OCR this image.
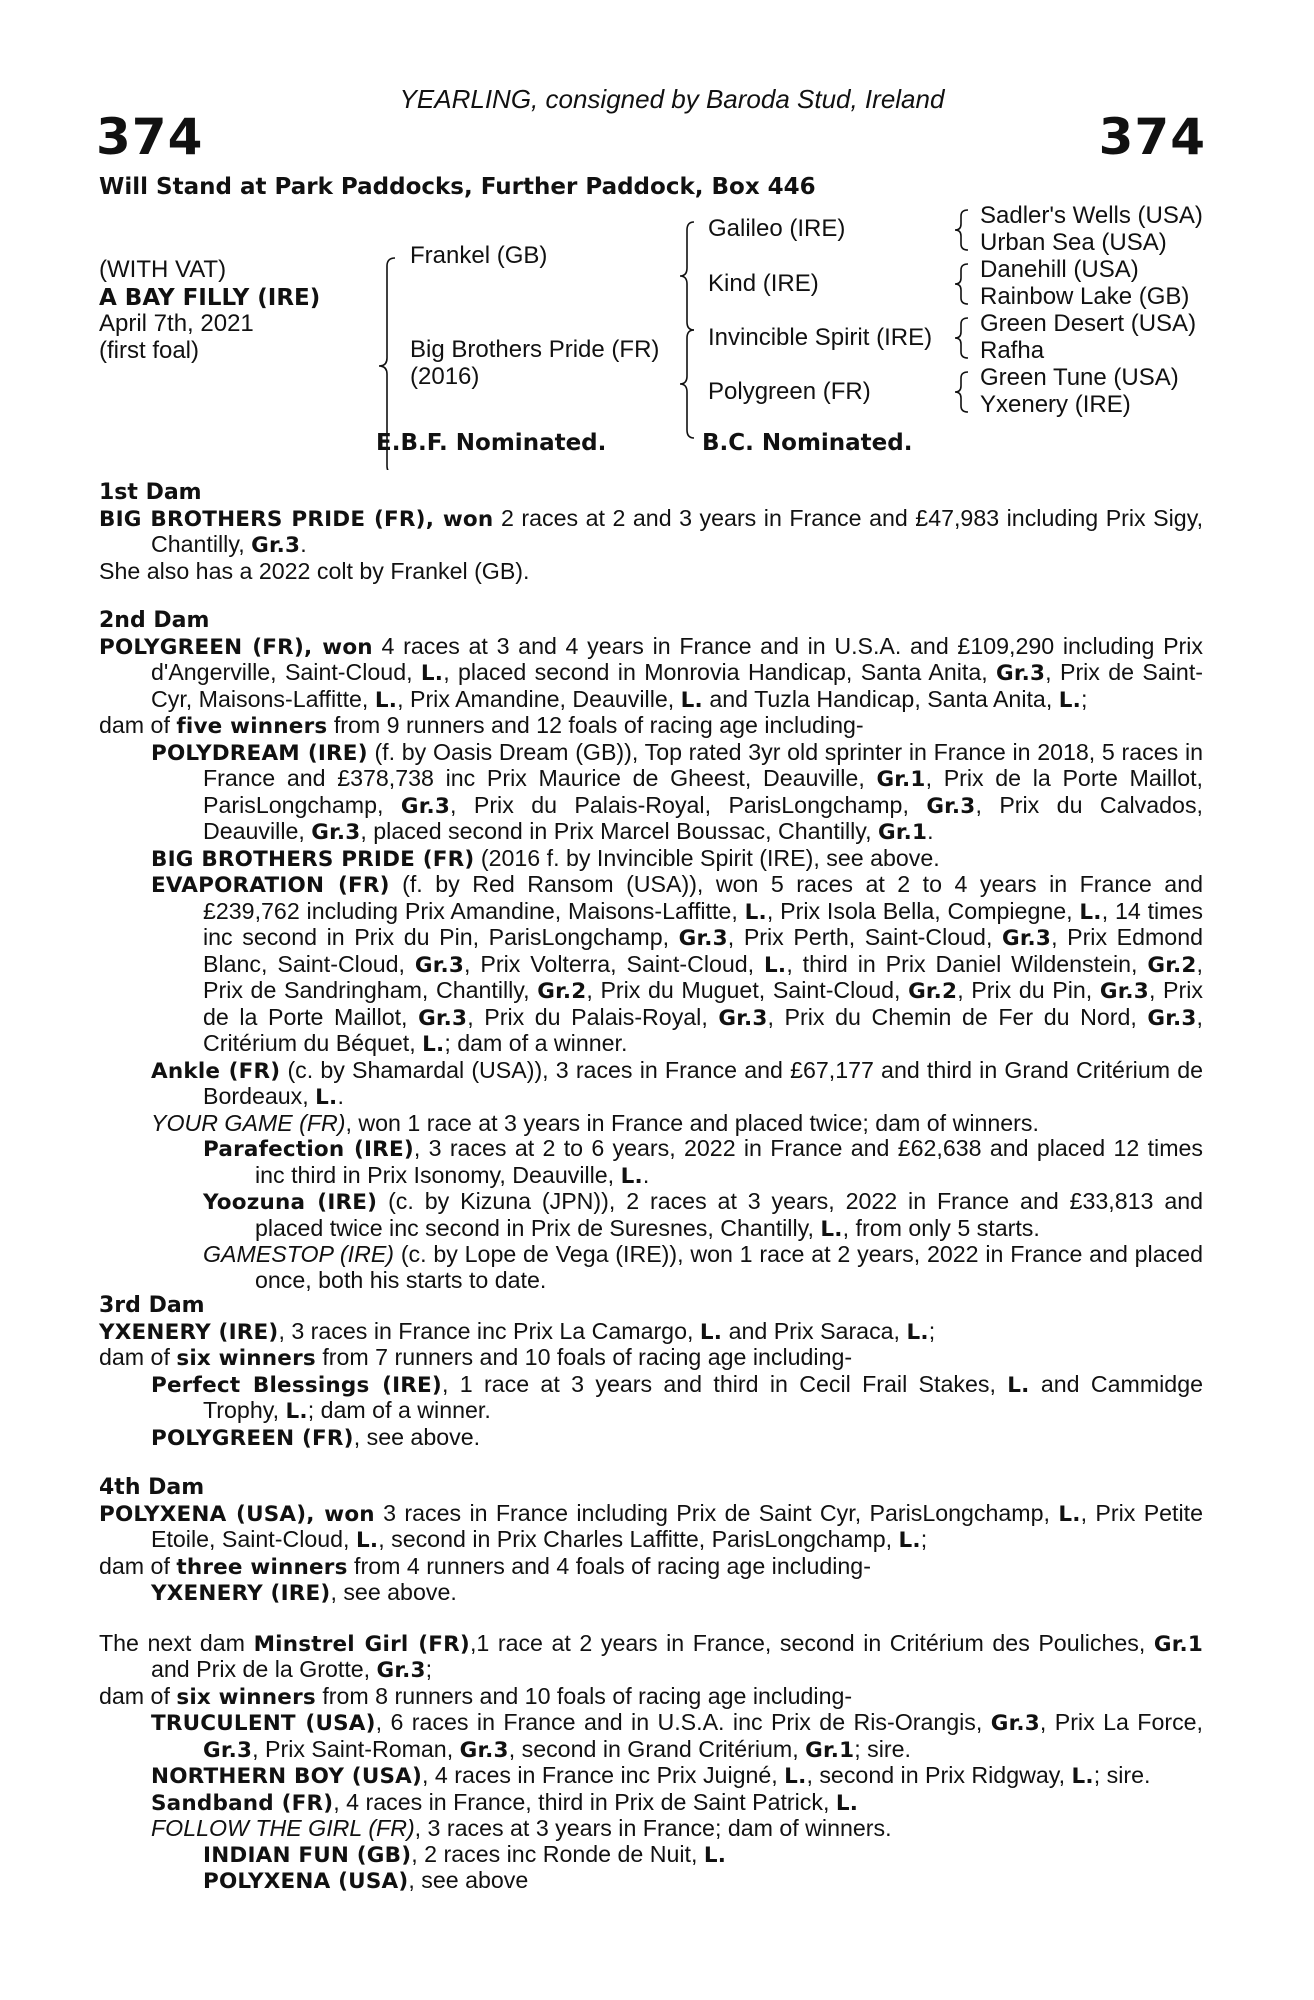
YEARLING, consigned by Baroda Stud, Ireland
374	374
Will Stand at Park Paddocks, Further Paddock, Box 446
(WITH VAT)
A BAY FILLY (IRE)
April 7th, 2021
(first foal)
Frankel (GB)
Big Brothers Pride (FR)
(2016)
Galileo (IRE)
Kind (IRE)
Invincible Spirit (IRE)
Polygreen (FR)
Sadler's Wells (USA)
Urban Sea (USA)
Danehill (USA)
Rainbow Lake (GB)
Green Desert (USA)
Rafha
Green Tune (USA)
Yxenery (IRE)
E.B.F. Nominated.	B.C. Nominated.

1st Dam

BIG BROTHERS PRIDE (FR), won 2 races at 2 and 3 years in France and £47,983 including Prix Sigy, Chantilly, Gr.3.

She also has a 2022 colt by Frankel (GB).

2nd Dam

POLYGREEN (FR), won 4 races at 3 and 4 years in France and in U.S.A. and £109,290 including Prix d'Angerville, Saint-Cloud, L., placed second in Monrovia Handicap, Santa Anita, Gr.3, Prix de Saint-Cyr, Maisons-Laffitte, L., Prix Amandine, Deauville, L. and Tuzla Handicap, Santa Anita, L.;

dam of five winners from 9 runners and 12 foals of racing age including-

POLYDREAM (IRE) (f. by Oasis Dream (GB)), Top rated 3yr old sprinter in France in 2018, 5 races in France and £378,738 inc Prix Maurice de Gheest, Deauville, Gr.1, Prix de la Porte Maillot, ParisLongchamp, Gr.3, Prix du Palais-Royal, ParisLongchamp, Gr.3, Prix du Calvados, Deauville, Gr.3, placed second in Prix Marcel Boussac, Chantilly, Gr.1.

BIG BROTHERS PRIDE (FR) (2016 f. by Invincible Spirit (IRE), see above.

EVAPORATION (FR) (f. by Red Ransom (USA)), won 5 races at 2 to 4 years in France and £239,762 including Prix Amandine, Maisons-Laffitte, L., Prix Isola Bella, Compiegne, L., 14 times inc second in Prix du Pin, ParisLongchamp, Gr.3, Prix Perth, Saint-Cloud, Gr.3, Prix Edmond Blanc, Saint-Cloud, Gr.3, Prix Volterra, Saint-Cloud, L., third in Prix Daniel Wildenstein, Gr.2, Prix de Sandringham, Chantilly, Gr.2, Prix du Muguet, Saint-Cloud, Gr.2, Prix du Pin, Gr.3, Prix de la Porte Maillot, Gr.3, Prix du Palais-Royal, Gr.3, Prix du Chemin de Fer du Nord, Gr.3, Critérium du Béquet, L.; dam of a winner.

Ankle (FR) (c. by Shamardal (USA)), 3 races in France and £67,177 and third in Grand Critérium de Bordeaux, L..

YOUR GAME (FR), won 1 race at 3 years in France and placed twice; dam of winners.

Parafection (IRE), 3 races at 2 to 6 years, 2022 in France and £62,638 and placed 12 times inc third in Prix Isonomy, Deauville, L..

Yoozuna (IRE) (c. by Kizuna (JPN)), 2 races at 3 years, 2022 in France and £33,813 and placed twice inc second in Prix de Suresnes, Chantilly, L., from only 5 starts.

GAMESTOP (IRE) (c. by Lope de Vega (IRE)), won 1 race at 2 years, 2022 in France and placed once, both his starts to date.

3rd Dam

YXENERY (IRE), 3 races in France inc Prix La Camargo, L. and Prix Saraca, L.;

dam of six winners from 7 runners and 10 foals of racing age including-

Perfect Blessings (IRE), 1 race at 3 years and third in Cecil Frail Stakes, L. and Cammidge Trophy, L.; dam of a winner.

POLYGREEN (FR), see above.

4th Dam

POLYXENA (USA), won 3 races in France including Prix de Saint Cyr, ParisLongchamp, L., Prix Petite Etoile, Saint-Cloud, L., second in Prix Charles Laffitte, ParisLongchamp, L.;

dam of three winners from 4 runners and 4 foals of racing age including-

YXENERY (IRE), see above.

The next dam Minstrel Girl (FR),1 race at 2 years in France, second in Critérium des Pouliches, Gr.1 and Prix de la Grotte, Gr.3;

dam of six winners from 8 runners and 10 foals of racing age including-

TRUCULENT (USA), 6 races in France and in U.S.A. inc Prix de Ris-Orangis, Gr.3, Prix La Force, Gr.3, Prix Saint-Roman, Gr.3, second in Grand Critérium, Gr.1; sire.

NORTHERN BOY (USA), 4 races in France inc Prix Juigné, L., second in Prix Ridgway, L.; sire.

Sandband (FR), 4 races in France, third in Prix de Saint Patrick, L.

FOLLOW THE GIRL (FR), 3 races at 3 years in France; dam of winners.

INDIAN FUN (GB), 2 races inc Ronde de Nuit, L.

POLYXENA (USA), see above
